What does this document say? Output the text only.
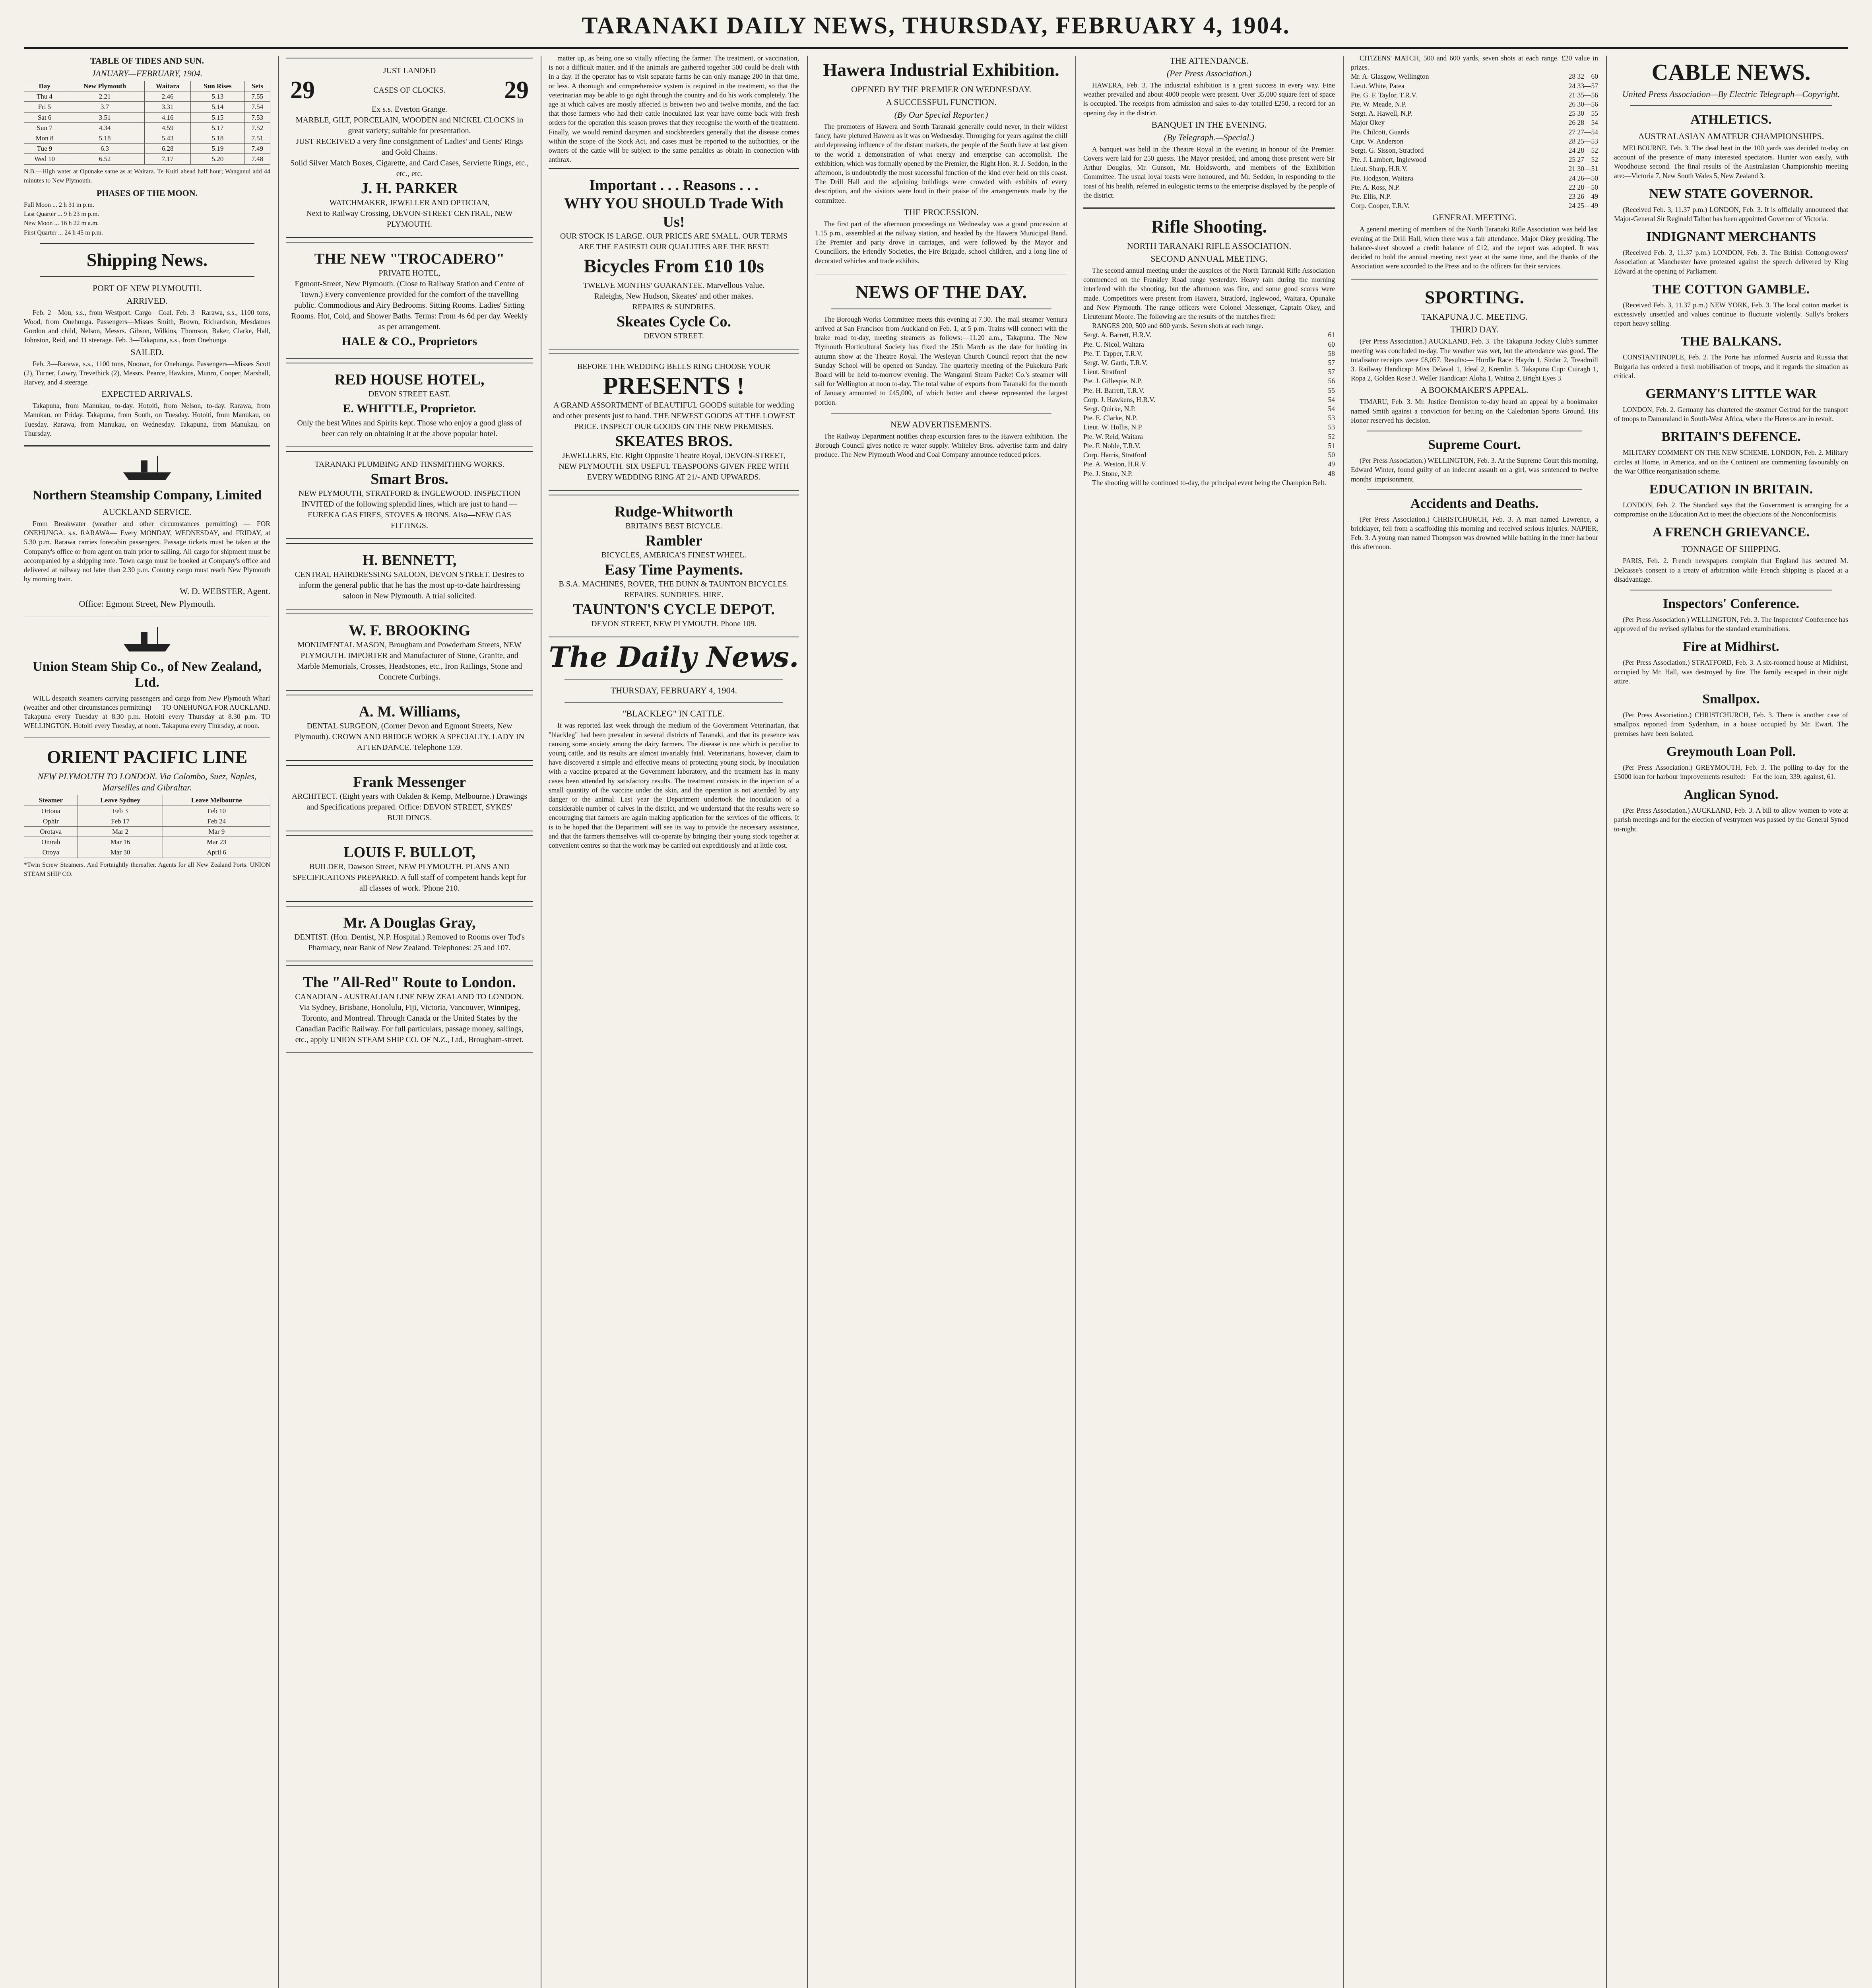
TARANAKI DAILY NEWS, THURSDAY, FEBRUARY 4, 1904.
TABLE OF TIDES AND SUN.
JANUARY—FEBRUARY, 1904.
Day	New Plymouth	Waitara	Sun Rises	Sets
Thu 4	2.21	2.46	5.13	7.55
Fri 5	3.7	3.31	5.14	7.54
Sat 6	3.51	4.16	5.15	7.53
Sun 7	4.34	4.59	5.17	7.52
Mon 8	5.18	5.43	5.18	7.51
Tue 9	6.3	6.28	5.19	7.49
Wed 10	6.52	7.17	5.20	7.48

N.B.—High water at Opunake same as at Waitara. Te Kuiti ahead half hour; Wanganui add 44 minutes to New Plymouth.

PHASES OF THE MOON.
Full Moon ... 2 h 31 m p.m.
Last Quarter ... 9 h 23 m p.m.
New Moon ... 16 h 22 m a.m.
First Quarter ... 24 h 45 m p.m.
Shipping News.
PORT OF NEW PLYMOUTH.
ARRIVED.

Feb. 2—Mou, s.s., from Westport. Cargo—Coal. Feb. 3—Rarawa, s.s., 1100 tons, Wood, from Onehunga. Passengers—Misses Smith, Brown, Richardson, Mesdames Gordon and child, Nelson, Messrs. Gibson, Wilkins, Thomson, Baker, Clarke, Hall, Johnston, Reid, and 11 steerage. Feb. 3—Takapuna, s.s., from Onehunga.

SAILED.

Feb. 3—Rarawa, s.s., 1100 tons, Noonan, for Onehunga. Passengers—Misses Scott (2), Turner, Lowry, Trevethick (2), Messrs. Pearce, Hawkins, Munro, Cooper, Marshall, Harvey, and 4 steerage.

EXPECTED ARRIVALS.

Takapuna, from Manukau, to-day. Hotoiti, from Nelson, to-day. Rarawa, from Manukau, on Friday. Takapuna, from South, on Tuesday. Hotoiti, from Manukau, on Tuesday. Rarawa, from Manukau, on Wednesday. Takapuna, from Manukau, on Thursday.

Northern Steamship Company, Limited
AUCKLAND SERVICE.

From Breakwater (weather and other circumstances permitting) — FOR ONEHUNGA. s.s. RARAWA— Every MONDAY, WEDNESDAY, and FRIDAY, at 5.30 p.m. Rarawa carries forecabin passengers. Passage tickets must be taken at the Company's office or from agent on train prior to sailing. All cargo for shipment must be accompanied by a shipping note. Town cargo must be booked at Company's office and delivered at railway not later than 2.30 p.m. Country cargo must reach New Plymouth by morning train.

W. D. WEBSTER, Agent.
Office: Egmont Street, New Plymouth.
Union Steam Ship Co., of New Zealand, Ltd.

WILL despatch steamers carrying passengers and cargo from New Plymouth Wharf (weather and other circumstances permitting) — TO ONEHUNGA FOR AUCKLAND. Takapuna every Tuesday at 8.30 p.m. Hotoiti every Thursday at 8.30 p.m. TO WELLINGTON. Hotoiti every Tuesday, at noon. Takapuna every Thursday, at noon.

ORIENT PACIFIC LINE
NEW PLYMOUTH TO LONDON. Via Colombo, Suez, Naples, Marseilles and Gibraltar.
Steamer	Leave Sydney	Leave Melbourne
Ortona	Feb 3	Feb 10
Ophir	Feb 17	Feb 24
Orotava	Mar 2	Mar 9
Omrah	Mar 16	Mar 23
Oroya	Mar 30	April 6

*Twin Screw Steamers. And Fortnightly thereafter. Agents for all New Zealand Ports. UNION STEAM SHIP CO.

JUST LANDED
29	CASES OF CLOCKS. 29
Ex s.s. Everton Grange.
MARBLE, GILT, PORCELAIN, WOODEN and NICKEL CLOCKS in great variety; suitable for presentation.
JUST RECEIVED a very fine consignment of Ladies' and Gents' Rings and Gold Chains.
Solid Silver Match Boxes, Cigarette, and Card Cases, Serviette Rings, etc., etc., etc.
J. H. PARKER
WATCHMAKER, JEWELLER AND OPTICIAN,
Next to Railway Crossing, DEVON-STREET CENTRAL, NEW PLYMOUTH.
THE NEW "TROCADERO"
PRIVATE HOTEL,
Egmont-Street, New Plymouth. (Close to Railway Station and Centre of Town.) Every convenience provided for the comfort of the travelling public. Commodious and Airy Bedrooms. Sitting Rooms. Ladies' Sitting Rooms. Hot, Cold, and Shower Baths. Terms: From 4s 6d per day. Weekly as per arrangement.
HALE & CO., Proprietors
RED HOUSE HOTEL,
DEVON STREET EAST.
E. WHITTLE, Proprietor.
Only the best Wines and Spirits kept. Those who enjoy a good glass of beer can rely on obtaining it at the above popular hotel.
TARANAKI PLUMBING AND TINSMITHING WORKS.
Smart Bros.
NEW PLYMOUTH, STRATFORD & INGLEWOOD. INSPECTION INVITED of the following splendid lines, which are just to hand — EUREKA GAS FIRES, STOVES & IRONS. Also—NEW GAS FITTINGS.
H. BENNETT,
CENTRAL HAIRDRESSING SALOON, DEVON STREET. Desires to inform the general public that he has the most up-to-date hairdressing saloon in New Plymouth. A trial solicited.
W. F. BROOKING
MONUMENTAL MASON, Brougham and Powderham Streets, NEW PLYMOUTH. IMPORTER and Manufacturer of Stone, Granite, and Marble Memorials, Crosses, Headstones, etc., Iron Railings, Stone and Concrete Curbings.
A. M. Williams,
DENTAL SURGEON, (Corner Devon and Egmont Streets, New Plymouth). CROWN AND BRIDGE WORK A SPECIALTY. LADY IN ATTENDANCE. Telephone 159.
Frank Messenger
ARCHITECT. (Eight years with Oakden & Kemp, Melbourne.) Drawings and Specifications prepared. Office: DEVON STREET, SYKES' BUILDINGS.
LOUIS F. BULLOT,
BUILDER, Dawson Street, NEW PLYMOUTH. PLANS AND SPECIFICATIONS PREPARED. A full staff of competent hands kept for all classes of work. 'Phone 210.
Mr. A Douglas Gray,
DENTIST. (Hon. Dentist, N.P. Hospital.) Removed to Rooms over Tod's Pharmacy, near Bank of New Zealand. Telephones: 25 and 107.
The "All-Red" Route to London.
CANADIAN - AUSTRALIAN LINE NEW ZEALAND TO LONDON. Via Sydney, Brisbane, Honolulu, Fiji, Victoria, Vancouver, Winnipeg, Toronto, and Montreal. Through Canada or the United States by the Canadian Pacific Railway. For full particulars, passage money, sailings, etc., apply UNION STEAM SHIP CO. OF N.Z., Ltd., Brougham-street.

matter up, as being one so vitally affecting the farmer. The treatment, or vaccination, is not a difficult matter, and if the animals are gathered together 500 could be dealt with in a day. If the operator has to visit separate farms he can only manage 200 in that time, or less. A thorough and comprehensive system is required in the treatment, so that the veterinarian may be able to go right through the country and do his work completely. The age at which calves are mostly affected is between two and twelve months, and the fact that those farmers who had their cattle inoculated last year have come back with fresh orders for the operation this season proves that they recognise the worth of the treatment. Finally, we would remind dairymen and stockbreeders generally that the disease comes within the scope of the Stock Act, and cases must be reported to the authorities, or the owners of the cattle will be subject to the same penalties as obtain in connection with anthrax.

Important . . . Reasons . . .
WHY YOU SHOULD Trade With Us!
OUR STOCK IS LARGE. OUR PRICES ARE SMALL. OUR TERMS ARE THE EASIEST! OUR QUALITIES ARE THE BEST!
Bicycles From £10 10s
TWELVE MONTHS' GUARANTEE. Marvellous Value.
Raleighs, New Hudson, Skeates' and other makes.
REPAIRS & SUNDRIES.
Skeates Cycle Co.
DEVON STREET.
BEFORE THE WEDDING BELLS RING CHOOSE YOUR
PRESENTS !
A GRAND ASSORTMENT of BEAUTIFUL GOODS suitable for wedding and other presents just to hand. THE NEWEST GOODS AT THE LOWEST PRICE. INSPECT OUR GOODS ON THE NEW PREMISES.
SKEATES BROS.
JEWELLERS, Etc. Right Opposite Theatre Royal, DEVON-STREET, NEW PLYMOUTH. SIX USEFUL TEASPOONS GIVEN FREE WITH EVERY WEDDING RING AT 21/- AND UPWARDS.
Rudge-Whitworth
BRITAIN'S BEST BICYCLE.
Rambler
BICYCLES, AMERICA'S FINEST WHEEL.
Easy Time Payments.
B.S.A. MACHINES, ROVER, THE DUNN & TAUNTON BICYCLES. REPAIRS. SUNDRIES. HIRE.
TAUNTON'S CYCLE DEPOT.
DEVON STREET, NEW PLYMOUTH. Phone 109.
The Daily News.
THURSDAY, FEBRUARY 4, 1904.
"BLACKLEG" IN CATTLE.

It was reported last week through the medium of the Government Veterinarian, that "blackleg" had been prevalent in several districts of Taranaki, and that its presence was causing some anxiety among the dairy farmers. The disease is one which is peculiar to young cattle, and its results are almost invariably fatal. Veterinarians, however, claim to have discovered a simple and effective means of protecting young stock, by inoculation with a vaccine prepared at the Government laboratory, and the treatment has in many cases been attended by satisfactory results. The treatment consists in the injection of a small quantity of the vaccine under the skin, and the operation is not attended by any danger to the animal. Last year the Department undertook the inoculation of a considerable number of calves in the district, and we understand that the results were so encouraging that farmers are again making application for the services of the officers. It is to be hoped that the Department will see its way to provide the necessary assistance, and that the farmers themselves will co-operate by bringing their young stock together at convenient centres so that the work may be carried out expeditiously and at little cost.

Hawera Industrial Exhibition.
OPENED BY THE PREMIER ON WEDNESDAY.
A SUCCESSFUL FUNCTION.
(By Our Special Reporter.)

The promoters of Hawera and South Taranaki generally could never, in their wildest fancy, have pictured Hawera as it was on Wednesday. Thronging for years against the chill and depressing influence of the distant markets, the people of the South have at last given to the world a demonstration of what energy and enterprise can accomplish. The exhibition, which was formally opened by the Premier, the Right Hon. R. J. Seddon, in the afternoon, is undoubtedly the most successful function of the kind ever held on this coast. The Drill Hall and the adjoining buildings were crowded with exhibits of every description, and the visitors were loud in their praise of the arrangements made by the committee.

THE PROCESSION.

The first part of the afternoon proceedings on Wednesday was a grand procession at 1.15 p.m., assembled at the railway station, and headed by the Hawera Municipal Band. The Premier and party drove in carriages, and were followed by the Mayor and Councillors, the Friendly Societies, the Fire Brigade, school children, and a long line of decorated vehicles and trade exhibits.

NEWS OF THE DAY.

The Borough Works Committee meets this evening at 7.30. The mail steamer Ventura arrived at San Francisco from Auckland on Feb. 1, at 5 p.m. Trains will connect with the brake road to-day, meeting steamers as follows:—11.20 a.m., Takapuna. The New Plymouth Horticultural Society has fixed the 25th March as the date for holding its autumn show at the Theatre Royal. The Wesleyan Church Council report that the new Sunday School will be opened on Sunday. The quarterly meeting of the Pukekura Park Board will be held to-morrow evening. The Wanganui Steam Packet Co.'s steamer will sail for Wellington at noon to-day. The total value of exports from Taranaki for the month of January amounted to £45,000, of which butter and cheese represented the largest portion.

NEW ADVERTISEMENTS.

The Railway Department notifies cheap excursion fares to the Hawera exhibition. The Borough Council gives notice re water supply. Whiteley Bros. advertise farm and dairy produce. The New Plymouth Wood and Coal Company announce reduced prices.

THE ATTENDANCE.
(Per Press Association.)

HAWERA, Feb. 3. The industrial exhibition is a great success in every way. Fine weather prevailed and about 4000 people were present. Over 35,000 square feet of space is occupied. The receipts from admission and sales to-day totalled £250, a record for an opening day in the district.

BANQUET IN THE EVENING.
(By Telegraph.—Special.)

A banquet was held in the Theatre Royal in the evening in honour of the Premier. Covers were laid for 250 guests. The Mayor presided, and among those present were Sir Arthur Douglas, Mr. Gunson, Mr. Holdsworth, and members of the Exhibition Committee. The usual loyal toasts were honoured, and Mr. Seddon, in responding to the toast of his health, referred in eulogistic terms to the enterprise displayed by the people of the district.

Rifle Shooting.
NORTH TARANAKI RIFLE ASSOCIATION.
SECOND ANNUAL MEETING.

The second annual meeting under the auspices of the North Taranaki Rifle Association commenced on the Frankley Road range yesterday. Heavy rain during the morning interfered with the shooting, but the afternoon was fine, and some good scores were made. Competitors were present from Hawera, Stratford, Inglewood, Waitara, Opunake and New Plymouth. The range officers were Colonel Messenger, Captain Okey, and Lieutenant Moore. The following are the results of the matches fired:—

RANGES 200, 500 and 600 yards. Seven shots at each range.

Sergt. A. Barrett, H.R.V.	61
Pte. C. Nicol, Waitara	60
Pte. T. Tapper, T.R.V.	58
Sergt. W. Garth, T.R.V.	57
Lieut. Stratford	57
Pte. J. Gillespie, N.P.	56
Pte. H. Barrett, T.R.V.	55
Corp. J. Hawkens, H.R.V.	54
Sergt. Quirke, N.P.	54
Pte. E. Clarke, N.P.	53
Lieut. W. Hollis, N.P.	53
Pte. W. Reid, Waitara	52
Pte. F. Noble, T.R.V.	51
Corp. Harris, Stratford	50
Pte. A. Weston, H.R.V.	49
Pte. J. Stone, N.P.	48

The shooting will be continued to-day, the principal event being the Champion Belt.

CITIZENS' MATCH, 500 and 600 yards, seven shots at each range. £20 value in prizes.

Mr. A. Glasgow, Wellington	28 32—60
Lieut. White, Patea	24 33—57
Pte. G. F. Taylor, T.R.V.	21 35—56
Pte. W. Meade, N.P.	26 30—56
Sergt. A. Hawell, N.P.	25 30—55
Major Okey	26 28—54
Pte. Chilcott, Guards	27 27—54
Capt. W. Anderson	28 25—53
Sergt. G. Sisson, Stratford	24 28—52
Pte. J. Lambert, Inglewood	25 27—52
Lieut. Sharp, H.R.V.	21 30—51
Pte. Hodgson, Waitara	24 26—50
Pte. A. Ross, N.P.	22 28—50
Pte. Ellis, N.P.	23 26—49
Corp. Cooper, T.R.V.	24 25—49
GENERAL MEETING.

A general meeting of members of the North Taranaki Rifle Association was held last evening at the Drill Hall, when there was a fair attendance. Major Okey presiding. The balance-sheet showed a credit balance of £12, and the report was adopted. It was decided to hold the annual meeting next year at the same time, and the thanks of the Association were accorded to the Press and to the officers for their services.

SPORTING.
TAKAPUNA J.C. MEETING.
THIRD DAY.

(Per Press Association.) AUCKLAND, Feb. 3. The Takapuna Jockey Club's summer meeting was concluded to-day. The weather was wet, but the attendance was good. The totalisator receipts were £8,057. Results:— Hurdle Race: Haydn 1, Sirdar 2, Treadmill 3. Railway Handicap: Miss Delaval 1, Ideal 2, Kremlin 3. Takapuna Cup: Cuiragh 1, Ropa 2, Golden Rose 3. Weller Handicap: Aloha 1, Waitoa 2, Bright Eyes 3.

A BOOKMAKER'S APPEAL.

TIMARU, Feb. 3. Mr. Justice Denniston to-day heard an appeal by a bookmaker named Smith against a conviction for betting on the Caledonian Sports Ground. His Honor reserved his decision.

Supreme Court.

(Per Press Association.) WELLINGTON, Feb. 3. At the Supreme Court this morning, Edward Winter, found guilty of an indecent assault on a girl, was sentenced to twelve months' imprisonment.

Accidents and Deaths.

(Per Press Association.) CHRISTCHURCH, Feb. 3. A man named Lawrence, a bricklayer, fell from a scaffolding this morning and received serious injuries. NAPIER, Feb. 3. A young man named Thompson was drowned while bathing in the inner harbour this afternoon.

CABLE NEWS.
United Press Association—By Electric Telegraph—Copyright.
ATHLETICS.
AUSTRALASIAN AMATEUR CHAMPIONSHIPS.

MELBOURNE, Feb. 3. The dead heat in the 100 yards was decided to-day on account of the presence of many interested spectators. Hunter won easily, with Woodhouse second. The final results of the Australasian Championship meeting are:—Victoria 7, New South Wales 5, New Zealand 3.

NEW STATE GOVERNOR.

(Received Feb. 3, 11.37 p.m.) LONDON, Feb. 3. It is officially announced that Major-General Sir Reginald Talbot has been appointed Governor of Victoria.

INDIGNANT MERCHANTS

(Received Feb. 3, 11.37 p.m.) LONDON, Feb. 3. The British Cottongrowers' Association at Manchester have protested against the speech delivered by King Edward at the opening of Parliament.

THE COTTON GAMBLE.

(Received Feb. 3, 11.37 p.m.) NEW YORK, Feb. 3. The local cotton market is excessively unsettled and values continue to fluctuate violently. Sully's brokers report heavy selling.

THE BALKANS.

CONSTANTINOPLE, Feb. 2. The Porte has informed Austria and Russia that Bulgaria has ordered a fresh mobilisation of troops, and it regards the situation as critical.

GERMANY'S LITTLE WAR

LONDON, Feb. 2. Germany has chartered the steamer Gertrud for the transport of troops to Damaraland in South-West Africa, where the Hereros are in revolt.

BRITAIN'S DEFENCE.

MILITARY COMMENT ON THE NEW SCHEME. LONDON, Feb. 2. Military circles at Home, in America, and on the Continent are commenting favourably on the War Office reorganisation scheme.

EDUCATION IN BRITAIN.

LONDON, Feb. 2. The Standard says that the Government is arranging for a compromise on the Education Act to meet the objections of the Nonconformists.

A FRENCH GRIEVANCE.
TONNAGE OF SHIPPING.

PARIS, Feb. 2. French newspapers complain that England has secured M. Delcasse's consent to a treaty of arbitration while French shipping is placed at a disadvantage.

Inspectors' Conference.

(Per Press Association.) WELLINGTON, Feb. 3. The Inspectors' Conference has approved of the revised syllabus for the standard examinations.

Fire at Midhirst.

(Per Press Association.) STRATFORD, Feb. 3. A six-roomed house at Midhirst, occupied by Mr. Hall, was destroyed by fire. The family escaped in their night attire.

Smallpox.

(Per Press Association.) CHRISTCHURCH, Feb. 3. There is another case of smallpox reported from Sydenham, in a house occupied by Mr. Ewart. The premises have been isolated.

Greymouth Loan Poll.

(Per Press Association.) GREYMOUTH, Feb. 3. The polling to-day for the £5000 loan for harbour improvements resulted:—For the loan, 339; against, 61.

Anglican Synod.

(Per Press Association.) AUCKLAND, Feb. 3. A bill to allow women to vote at parish meetings and for the election of vestrymen was passed by the General Synod to-night.
